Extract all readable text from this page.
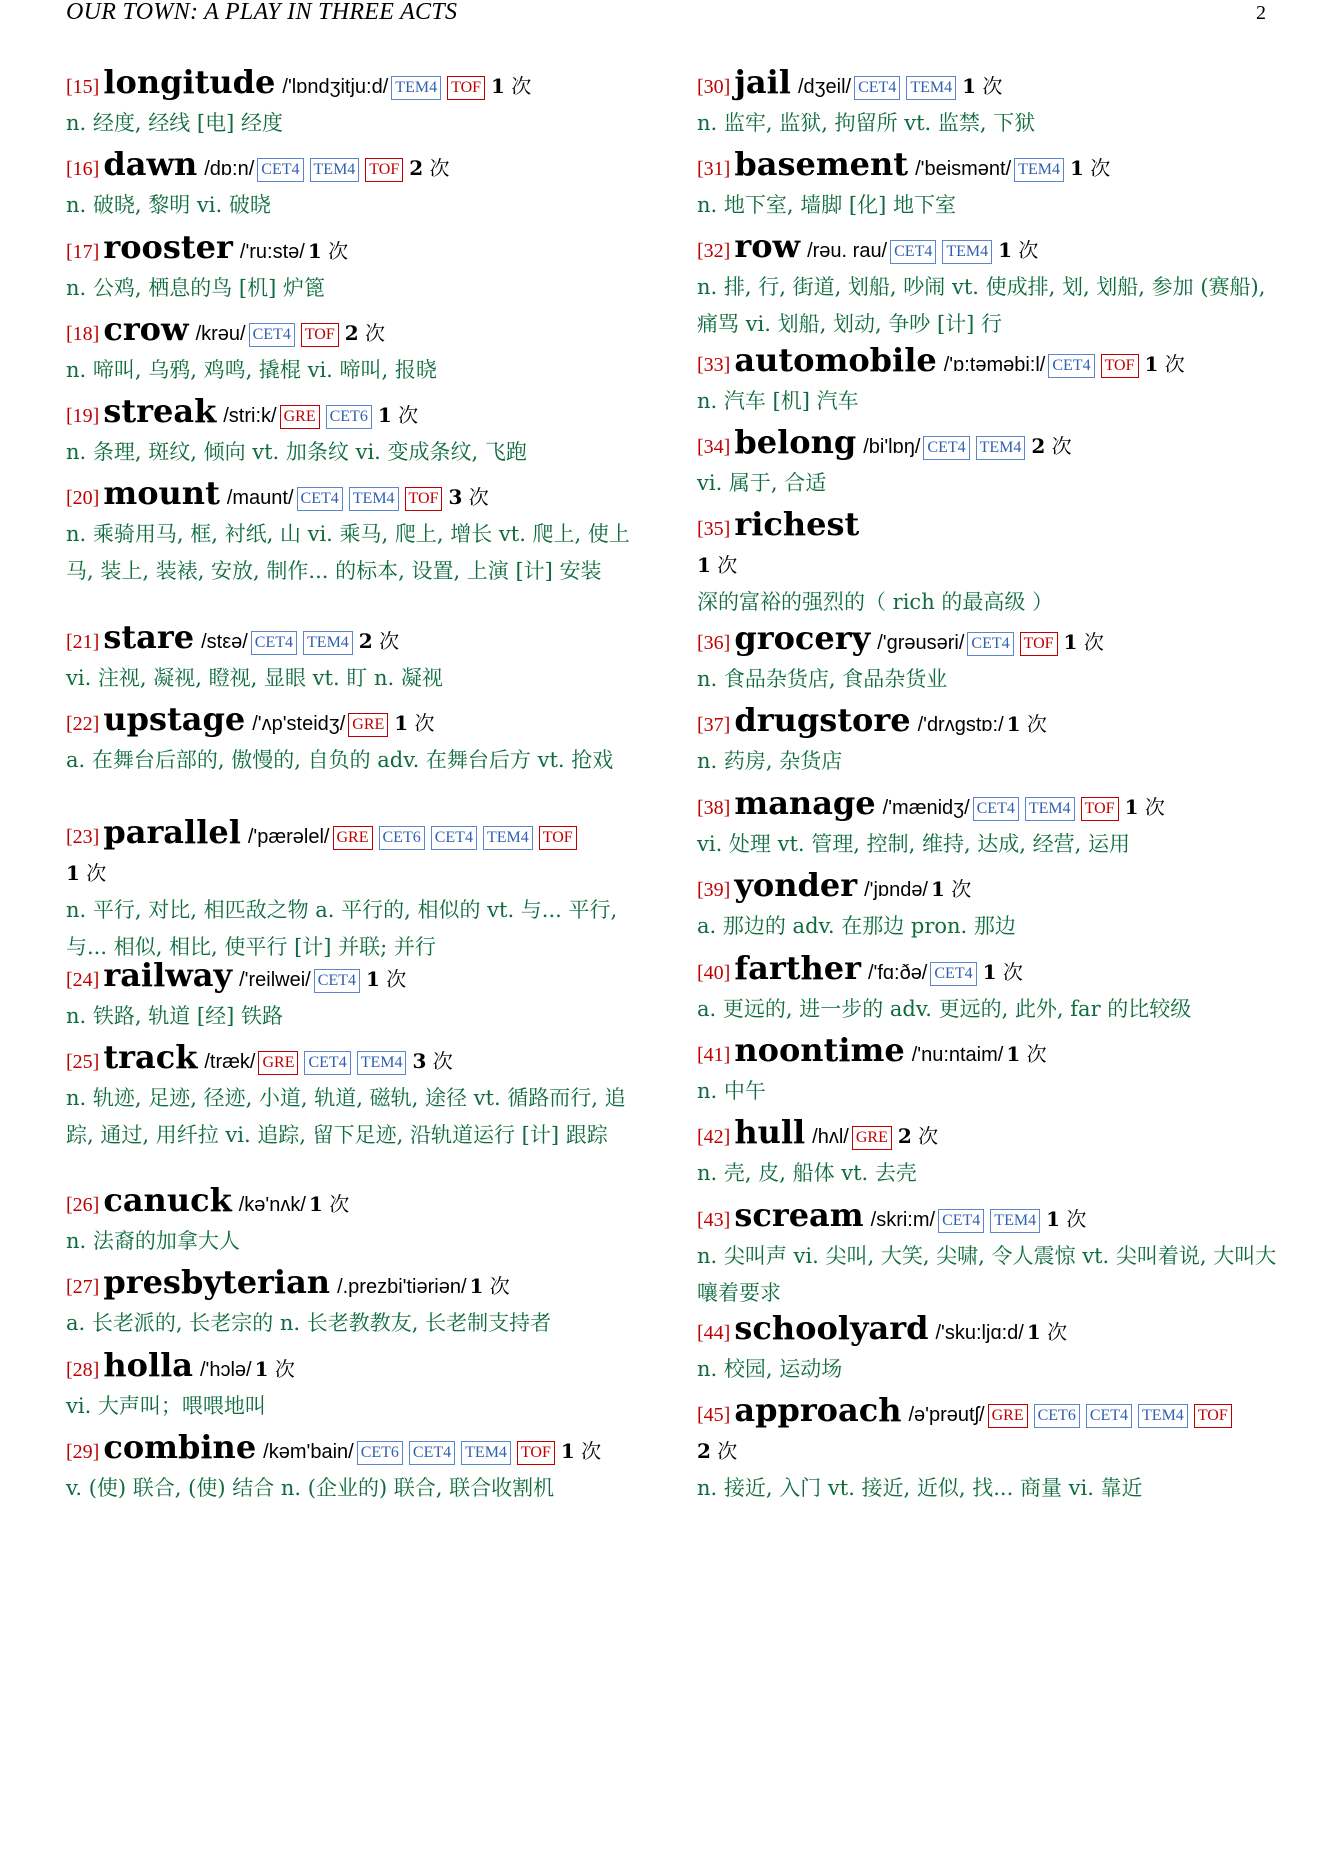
OUR TOWN: A PLAY IN THREE ACTS	2
[15] longitude /'lɒndʒitju:d/ TEM4 TOF 1 次
n. 经度, 经线 [电] 经度
[16] dawn /dɒ:n/ CET4 TEM4 TOF 2 次
n. 破晓, 黎明 vi. 破晓
[17] rooster /'ru:stə/ 1 次
n. 公鸡, 栖息的鸟 [机] 炉篦
[18] crow /krəu/ CET4 TOF 2 次
n. 啼叫, 乌鸦, 鸡鸣, 撬棍 vi. 啼叫, 报晓
[19] streak /stri:k/ GRE CET6 1 次
n. 条理, 斑纹, 倾向 vt. 加条纹 vi. 变成条纹, 飞跑
[20] mount /maunt/ CET4 TEM4 TOF 3 次
n. 乘骑用马, 框, 衬纸, 山 vi. 乘马, 爬上, 增长 vt. 爬上, 使上马, 装上, 装裱, 安放, 制作... 的标本, 设置, 上演 [计] 安装
[21] stare /stεə/ CET4 TEM4 2 次
vi. 注视, 凝视, 瞪视, 显眼 vt. 盯 n. 凝视
[22] upstage /'ʌp'steidʒ/ GRE 1 次
a. 在舞台后部的, 傲慢的, 自负的 adv. 在舞台后方 vt. 抢戏
[23] parallel /'pærəlel/ GRE CET6 CET4 TEM4 TOF
1 次
n. 平行, 对比, 相匹敌之物 a. 平行的, 相似的 vt. 与... 平行, 与... 相似, 相比, 使平行 [计] 并联; 并行
[24] railway /'reilwei/ CET4 1 次
n. 铁路, 轨道 [经] 铁路
[25] track /træk/ GRE CET4 TEM4 3 次
n. 轨迹, 足迹, 径迹, 小道, 轨道, 磁轨, 途径 vt. 循路而行, 追踪, 通过, 用纤拉 vi. 追踪, 留下足迹, 沿轨道运行 [计] 跟踪
[26] canuck /kə'nʌk/ 1 次
n. 法裔的加拿大人
[27] presbyterian /.prezbi'tiəriən/ 1 次
a. 长老派的, 长老宗的 n. 长老教教友, 长老制支持者
[28] holla /'hɔlə/ 1 次
vi. 大声叫；喂喂地叫
[29] combine /kəm'bain/ CET6 CET4 TEM4 TOF 1 次
v. (使) 联合, (使) 结合 n. (企业的) 联合, 联合收割机
[30] jail /dʒeil/ CET4 TEM4 1 次
n. 监牢, 监狱, 拘留所 vt. 监禁, 下狱
[31] basement /'beismənt/ TEM4 1 次
n. 地下室, 墙脚 [化] 地下室
[32] row /rəu. rau/ CET4 TEM4 1 次
n. 排, 行, 街道, 划船, 吵闹 vt. 使成排, 划, 划船, 参加 (赛船), 痛骂 vi. 划船, 划动, 争吵 [计] 行
[33] automobile /'ɒ:təməbi:l/ CET4 TOF 1 次
n. 汽车 [机] 汽车
[34] belong /bi'lɒŋ/ CET4 TEM4 2 次
vi. 属于, 合适
[35] richest
1 次
深的富裕的强烈的（ rich 的最高级 ）
[36] grocery /'grəusəri/ CET4 TOF 1 次
n. 食品杂货店, 食品杂货业
[37] drugstore /'drʌgstɒ:/ 1 次
n. 药房, 杂货店
[38] manage /'mænidʒ/ CET4 TEM4 TOF 1 次
vi. 处理 vt. 管理, 控制, 维持, 达成, 经营, 运用
[39] yonder /'jɒndə/ 1 次
a. 那边的 adv. 在那边 pron. 那边
[40] farther /'fɑ:ðə/ CET4 1 次
a. 更远的, 进一步的 adv. 更远的, 此外, far 的比较级
[41] noontime /'nu:ntaim/ 1 次
n. 中午
[42] hull /hʌl/ GRE 2 次
n. 壳, 皮, 船体 vt. 去壳
[43] scream /skri:m/ CET4 TEM4 1 次
n. 尖叫声 vi. 尖叫, 大笑, 尖啸, 令人震惊 vt. 尖叫着说, 大叫大嚷着要求
[44] schoolyard /'sku:ljɑ:d/ 1 次
n. 校园, 运动场
[45] approach /ə'prəutʃ/ GRE CET6 CET4 TEM4 TOF
2 次
n. 接近, 入门 vt. 接近, 近似, 找... 商量 vi. 靠近
